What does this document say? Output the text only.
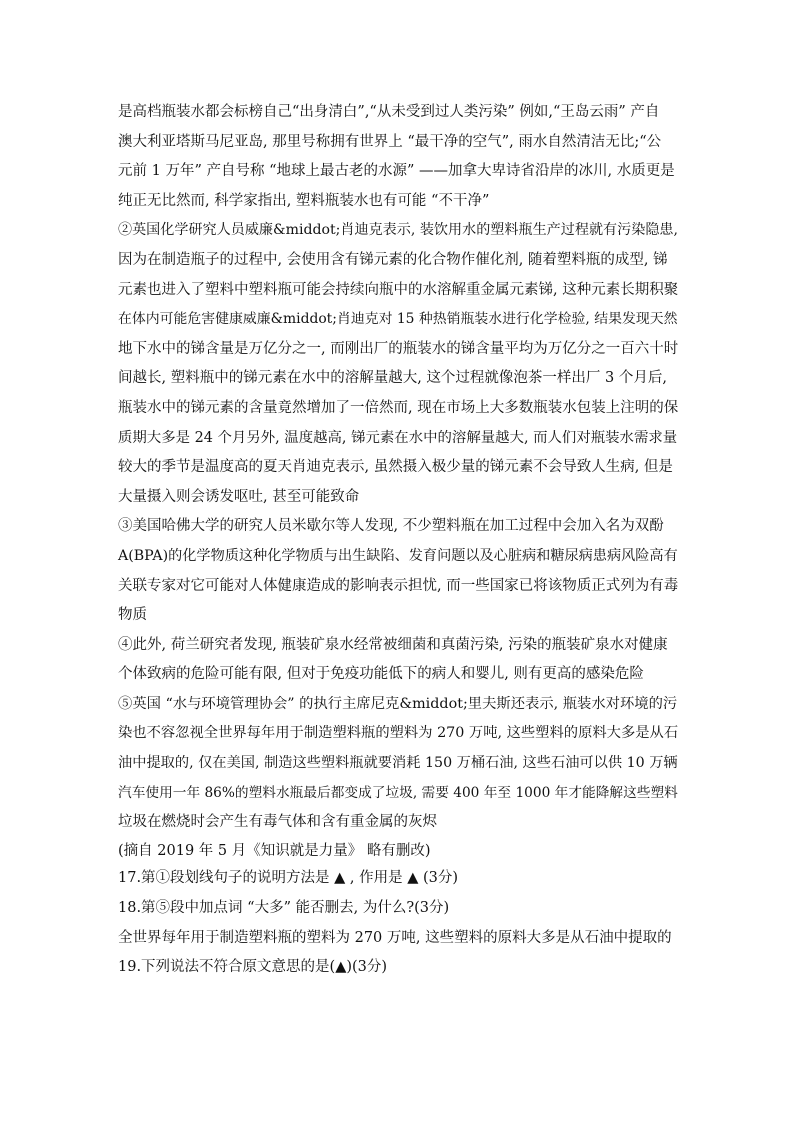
是高档瓶装水都会标榜自己“出身清白”,“从未受到过人类污染” 例如,“王岛云雨” 产自
澳大利亚塔斯马尼亚岛, 那里号称拥有世界上 “最干净的空气”, 雨水自然清洁无比;“公
元前 1 万年” 产自号称 “地球上最古老的水源” ——加拿大卑诗省沿岸的冰川, 水质更是
纯正无比然而, 科学家指出, 塑料瓶装水也有可能 “不干净”
②英国化学研究人员威廉&middot;肖迪克表示, 装饮用水的塑料瓶生产过程就有污染隐患,
因为在制造瓶子的过程中, 会使用含有锑元素的化合物作催化剂, 随着塑料瓶的成型, 锑
元素也进入了塑料中塑料瓶可能会持续向瓶中的水溶解重金属元素锑, 这种元素长期积聚
在体内可能危害健康威廉&middot;肖迪克对 15 种热销瓶装水进行化学检验, 结果发现天然
地下水中的锑含量是万亿分之一, 而刚出厂的瓶装水的锑含量平均为万亿分之一百六十时
间越长, 塑料瓶中的锑元素在水中的溶解量越大, 这个过程就像泡茶一样出厂 3 个月后,
瓶装水中的锑元素的含量竟然增加了一倍然而, 现在市场上大多数瓶装水包装上注明的保
质期大多是 24 个月另外, 温度越高, 锑元素在水中的溶解量越大, 而人们对瓶装水需求量
较大的季节是温度高的夏天肖迪克表示, 虽然摄入极少量的锑元素不会导致人生病, 但是
大量摄入则会诱发呕吐, 甚至可能致命
③美国哈佛大学的研究人员米歇尔等人发现, 不少塑料瓶在加工过程中会加入名为双酚
A(BPA)的化学物质这种化学物质与出生缺陷、发育问题以及心脏病和糖尿病患病风险高有
关联专家对它可能对人体健康造成的影响表示担忧, 而一些国家已将该物质正式列为有毒
物质
④此外, 荷兰研究者发现, 瓶装矿泉水经常被细菌和真菌污染, 污染的瓶装矿泉水对健康
个体致病的危险可能有限, 但对于免疫功能低下的病人和婴儿, 则有更高的感染危险
⑤英国 “水与环境管理协会” 的执行主席尼克&middot;里夫斯还表示, 瓶装水对环境的污
染也不容忽视全世界每年用于制造塑料瓶的塑料为 270 万吨, 这些塑料的原料大多是从石
油中提取的, 仅在美国, 制造这些塑料瓶就要消耗 150 万桶石油, 这些石油可以供 10 万辆
汽车使用一年 86%的塑料水瓶最后都变成了垃圾, 需要 400 年至 1000 年才能降解这些塑料
垃圾在燃烧时会产生有毒气体和含有重金属的灰烬
(摘自 2019 年 5 月《知识就是力量》 略有删改)
17.第①段划线句子的说明方法是 ▲ , 作用是 ▲ (3分)
18.第⑤段中加点词 “大多” 能否删去, 为什么?(3分)
全世界每年用于制造塑料瓶的塑料为 270 万吨, 这些塑料的原料大多是从石油中提取的
19.下列说法不符合原文意思的是(▲)(3分)
